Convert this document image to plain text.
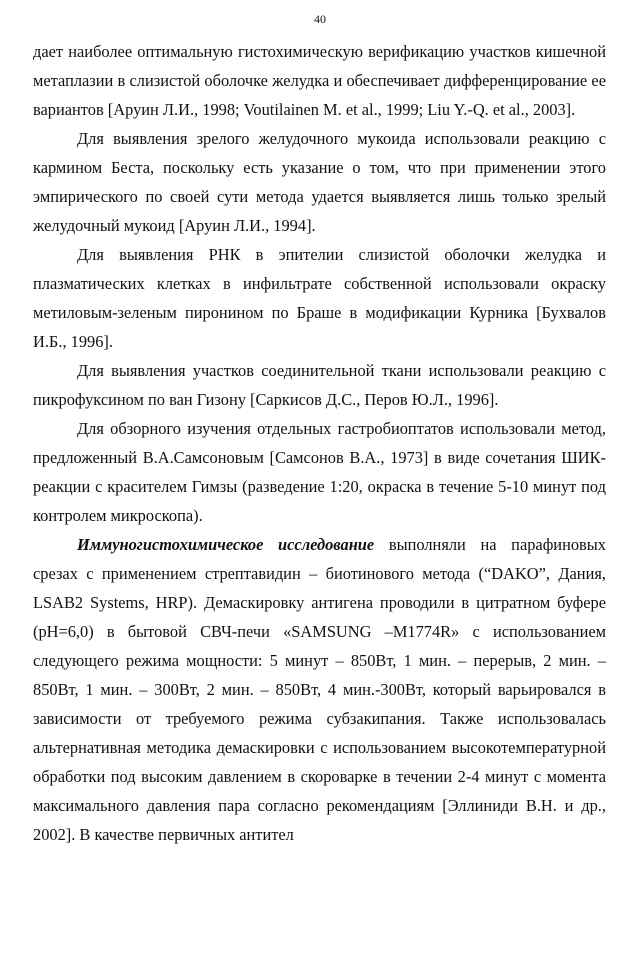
40

дает наиболее оптимальную гистохимическую верификацию участков кишечной метаплазии в слизистой оболочке желудка и обеспечивает дифференцирование ее вариантов [Аруин Л.И., 1998; Voutilainen M. et al., 1999; Liu Y.-Q. et al., 2003].

Для выявления зрелого желудочного мукоида использовали реакцию с кармином Беста, поскольку есть указание о том, что при применении этого эмпирического по своей сути метода удается выявляется лишь только зрелый желудочный мукоид [Аруин Л.И., 1994].

Для выявления РНК в эпителии слизистой оболочки желудка и плазматических клетках в инфильтрате собственной использовали окраску метиловым-зеленым пиронином по Браше в модификации Курника [Бухвалов И.Б., 1996].

Для выявления участков соединительной ткани использовали реакцию с пикрофуксином по ван Гизону [Саркисов Д.С., Перов Ю.Л., 1996].

Для обзорного изучения отдельных гастробиоптатов использовали метод, предложенный В.А.Самсоновым [Самсонов В.А., 1973] в виде сочетания ШИК-реакции с красителем Гимзы (разведение 1:20, окраска в течение 5-10 минут под контролем микроскопа).

Иммуногистохимическое исследование выполняли на парафиновых срезах с применением стрептавидин – биотинового метода (“DAKO”, Дания, LSAB2 Systems, HRP). Демаскировку антигена проводили в цитратном буфере (pH=6,0) в бытовой СВЧ-печи «SAMSUNG –M1774R» с использованием следующего режима мощности: 5 минут – 850Вт, 1 мин. – перерыв, 2 мин. – 850Вт, 1 мин. – 300Вт, 2 мин. – 850Вт, 4 мин.-300Вт, который варьировался в зависимости от требуемого режима субзакипания. Также использовалась альтернативная методика демаскировки с использованием высокотемпературной обработки под высоким давлением в скороварке в течении 2-4 минут с момента максимального давления пара согласно рекомендациям [Эллиниди В.Н. и др., 2002]. В качестве первичных антител
